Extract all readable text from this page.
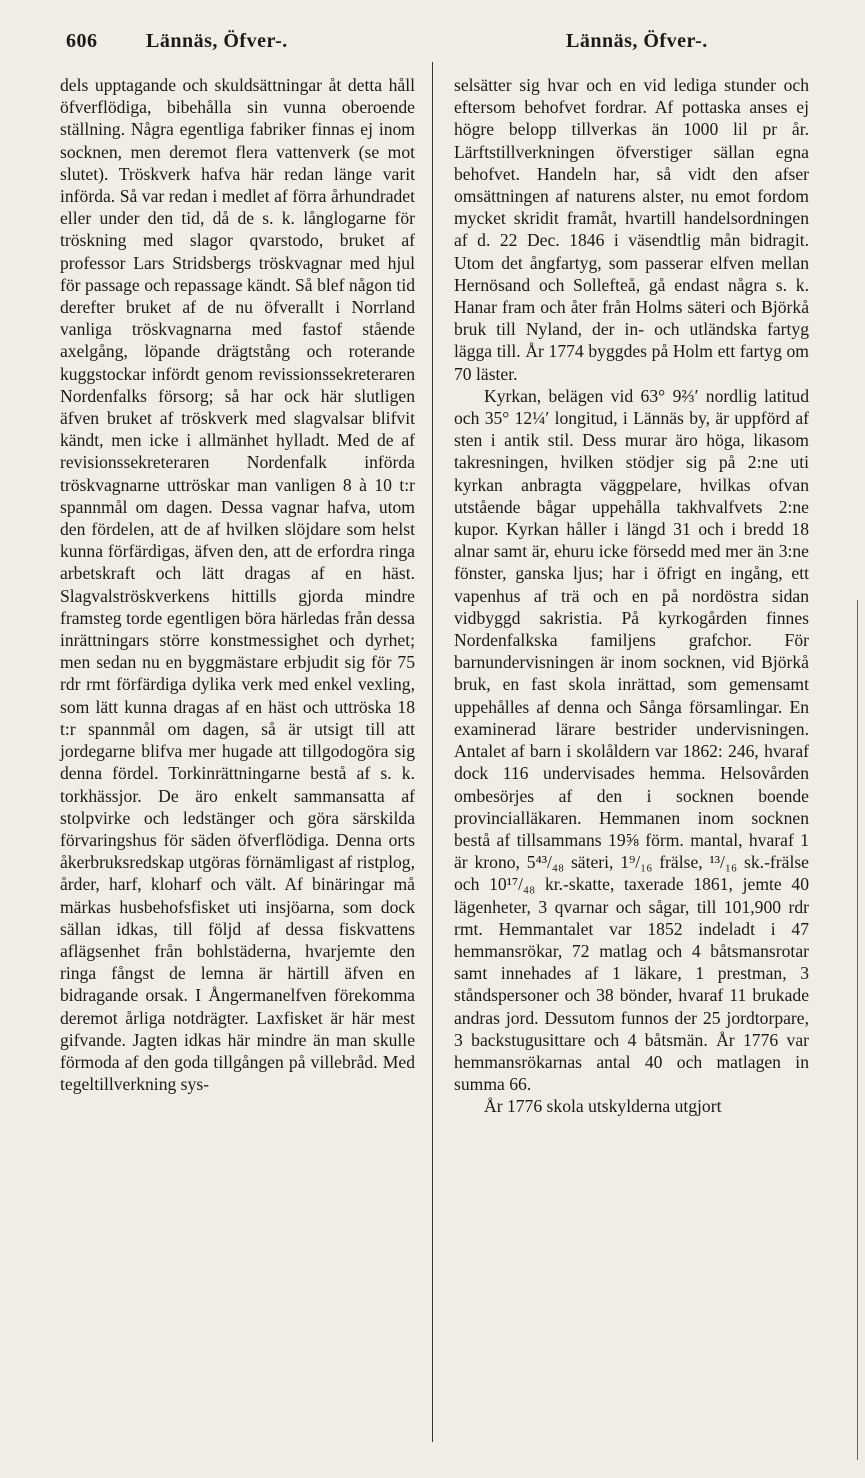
606 Lännäs, Öfver-.	Lännäs, Öfver-.

dels upptagande och skuldsättningar åt detta håll öfverflödiga, bibehålla sin vunna oberoende ställning. Några egentliga fabriker finnas ej inom socknen, men deremot flera vattenverk (se mot slutet). Tröskverk hafva här redan länge varit införda. Så var redan i medlet af förra århundradet eller under den tid, då de s. k. långlogarne för tröskning med slagor qvarstodo, bruket af professor Lars Stridsbergs tröskvagnar med hjul för passage och repassage kändt. Så blef någon tid derefter bruket af de nu öfverallt i Norrland vanliga tröskvagnarna med fastof stående axelgång, löpande drägtstång och roterande kuggstockar infördt genom revissionssekreteraren Nordenfalks försorg; så har ock här slutligen äfven bruket af tröskverk med slagvalsar blifvit kändt, men icke i allmänhet hylladt. Med de af revisionssekreteraren Nordenfalk införda tröskvagnarne uttröskar man vanligen 8 à 10 t:r spannmål om dagen. Dessa vagnar hafva, utom den fördelen, att de af hvilken slöjdare som helst kunna förfärdigas, äfven den, att de erfordra ringa arbetskraft och lätt dragas af en häst. Slagvalströskverkens hittills gjorda mindre framsteg torde egentligen böra härledas från dessa inrättningars större konstmessighet och dyrhet; men sedan nu en byggmästare erbjudit sig för 75 rdr rmt förfärdiga dylika verk med enkel vexling, som lätt kunna dragas af en häst och uttröska 18 t:r spannmål om dagen, så är utsigt till att jordegarne blifva mer hugade att tillgodogöra sig denna fördel. Torkinrättningarne bestå af s. k. torkhässjor. De äro enkelt sammansatta af stolpvirke och ledstänger och göra särskilda förvaringshus för säden öfverflödiga. Denna orts åkerbruksredskap utgöras förnämligast af ristplog, årder, harf, kloharf och vält. Af binäringar må märkas husbehofsfisket uti insjöarna, som dock sällan idkas, till följd af dessa fiskvattens aflägsenhet från bohlstäderna, hvarjemte den ringa fångst de lemna är härtill äfven en bidragande orsak. I Ångermanelfven förekomma deremot årliga notdrägter. Laxfisket är här mest gifvande. Jagten idkas här mindre än man skulle förmoda af den goda tillgången på villebråd. Med tegeltillverkning sys-

selsätter sig hvar och en vid lediga stunder och eftersom behofvet fordrar. Af pottaska anses ej högre belopp tillverkas än 1000 lil pr år. Lärftstillverkningen öfverstiger sällan egna behofvet. Handeln har, så vidt den afser omsättningen af naturens alster, nu emot fordom mycket skridit framåt, hvartill handelsordningen af d. 22 Dec. 1846 i väsendtlig mån bidragit. Utom det ångfartyg, som passerar elfven mellan Hernösand och Sollefteå, gå endast några s. k. Hanar fram och åter från Holms säteri och Björkå bruk till Nyland, der in- och utländska fartyg lägga till. År 1774 byggdes på Holm ett fartyg om 70 läster.

Kyrkan, belägen vid 63° 9⅔′ nordlig latitud och 35° 12¼′ longitud, i Lännäs by, är uppförd af sten i antik stil. Dess murar äro höga, likasom takresningen, hvilken stödjer sig på 2:ne uti kyrkan anbragta väggpelare, hvilkas ofvan utstående bågar uppehålla takhvalfvets 2:ne kupor. Kyrkan håller i längd 31 och i bredd 18 alnar samt är, ehuru icke försedd med mer än 3:ne fönster, ganska ljus; har i öfrigt en ingång, ett vapenhus af trä och en på nordöstra sidan vidbyggd sakristia. På kyrkogården finnes Nordenfalkska familjens grafchor. För barnundervisningen är inom socknen, vid Björkå bruk, en fast skola inrättad, som gemensamt uppehålles af denna och Sånga församlingar. En examinerad lärare bestrider undervisningen. Antalet af barn i skolåldern var 1862: 246, hvaraf dock 116 undervisades hemma. Helsovården ombesörjes af den i socknen boende provincialläkaren. Hemmanen inom socknen bestå af tillsammans 19⅝ förm. mantal, hvaraf 1 är krono, 5⁴³/₄₈ säteri, 1⁹/₁₆ frälse, ¹³/₁₆ sk.-frälse och 10¹⁷/₄₈ kr.-skatte, taxerade 1861, jemte 40 lägenheter, 3 qvarnar och sågar, till 101,900 rdr rmt. Hemmantalet var 1852 indeladt i 47 hemmansrökar, 72 matlag och 4 båtsmansrotar samt innehades af 1 läkare, 1 prestman, 3 ståndspersoner och 38 bönder, hvaraf 11 brukade andras jord. Dessutom funnos der 25 jordtorpare, 3 backstugusittare och 4 båtsmän. År 1776 var hemmansrökarnas antal 40 och matlagen in summa 66.

År 1776 skola utskylderna utgjort
